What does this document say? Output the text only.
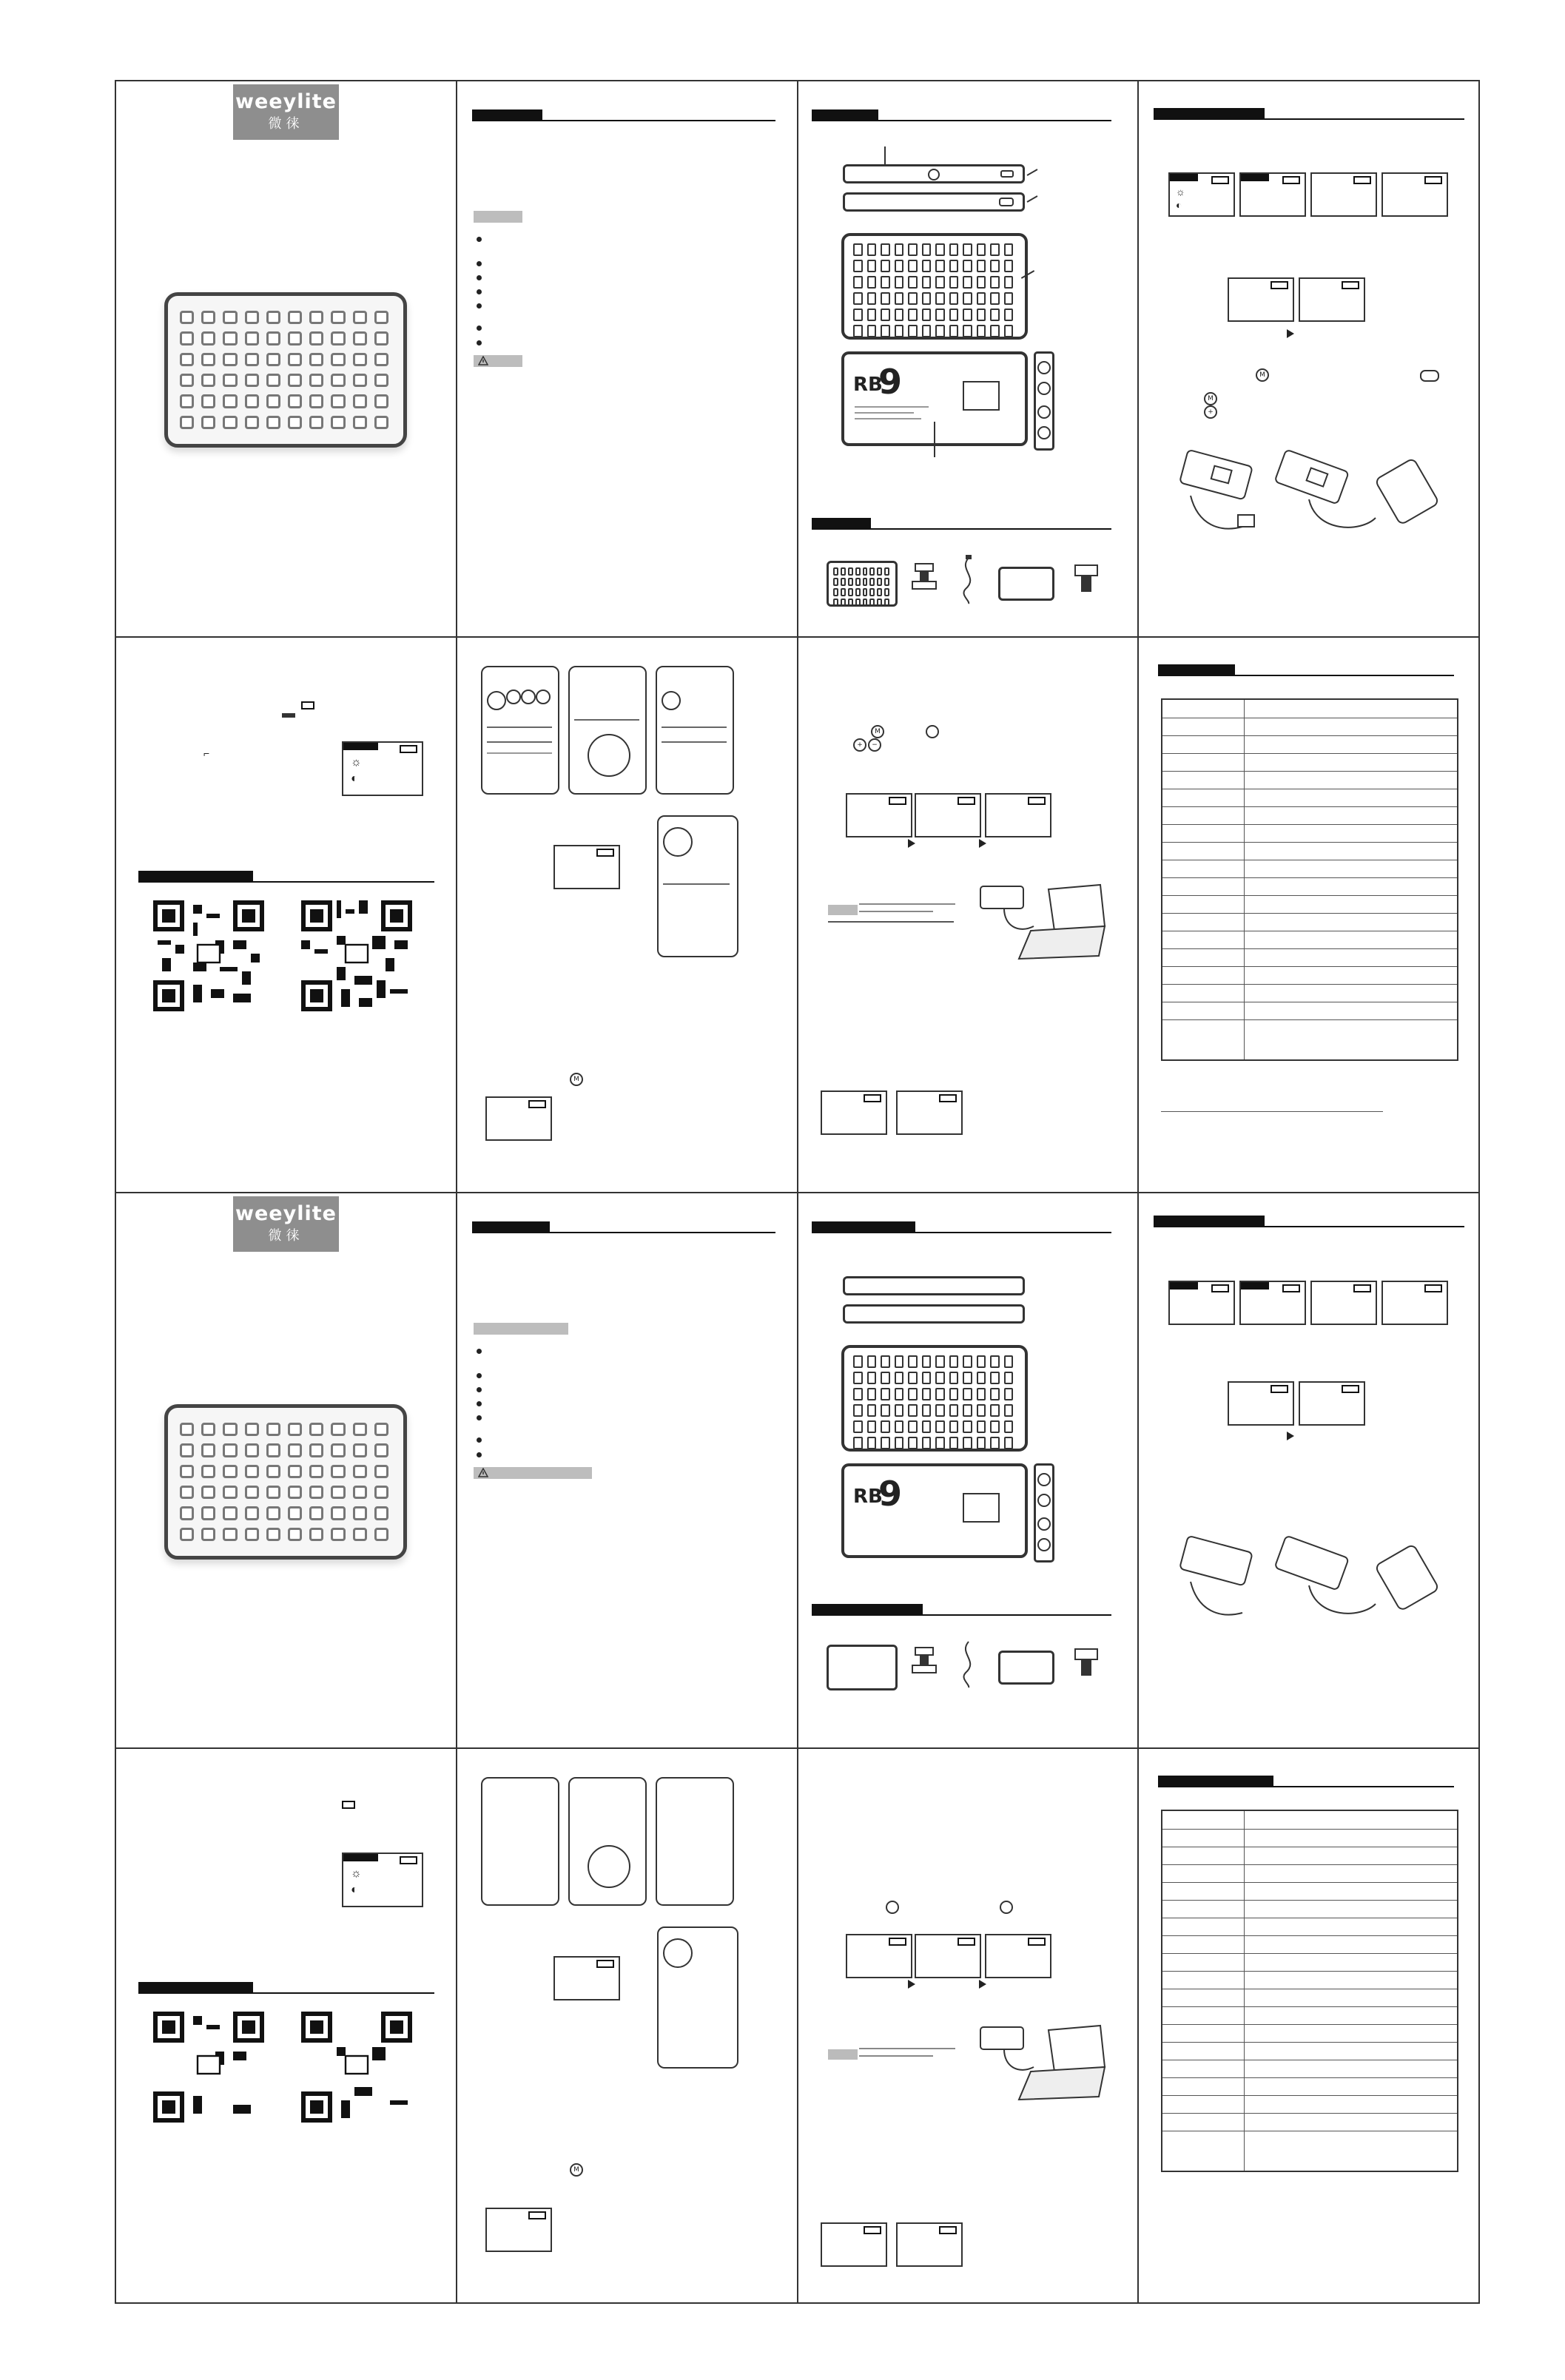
weeylite
微徕
RB
9
☼
◐
M
M
+
⌐
☼
◐
M
M
+	−
weeylite
微徕
RB
9
☼
◐
M
